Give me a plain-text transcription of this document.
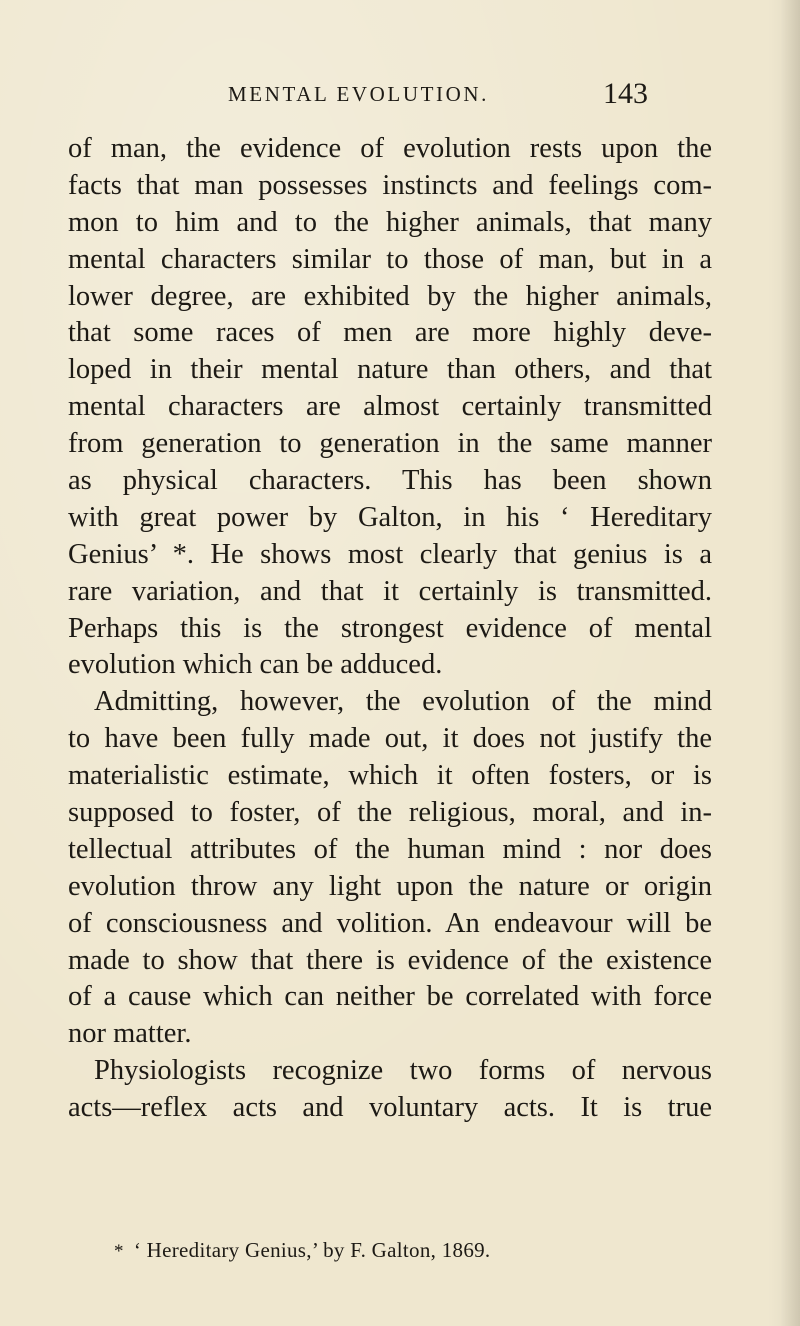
MENTAL EVOLUTION.	143
of man, the evidence of evolution rests upon the
facts that man possesses instincts and feelings com-
mon to him and to the higher animals, that many
mental characters similar to those of man, but in a
lower degree, are exhibited by the higher animals,
that some races of men are more highly deve-
loped in their mental nature than others, and that
mental characters are almost certainly transmitted
from generation to generation in the same manner
as physical characters. This has been shown
with great power by Galton, in his ‘ Hereditary
Genius’ *. He shows most clearly that genius is a
rare variation, and that it certainly is transmitted.
Perhaps this is the strongest evidence of mental
evolution which can be adduced.
Admitting, however, the evolution of the mind
to have been fully made out, it does not justify the
materialistic estimate, which it often fosters, or is
supposed to foster, of the religious, moral, and in-
tellectual attributes of the human mind : nor does
evolution throw any light upon the nature or origin
of consciousness and volition. An endeavour will be
made to show that there is evidence of the existence
of a cause which can neither be correlated with force
nor matter.
Physiologists recognize two forms of nervous
acts—reflex acts and voluntary acts. It is true
* ‘ Hereditary Genius,’ by F. Galton, 1869.
